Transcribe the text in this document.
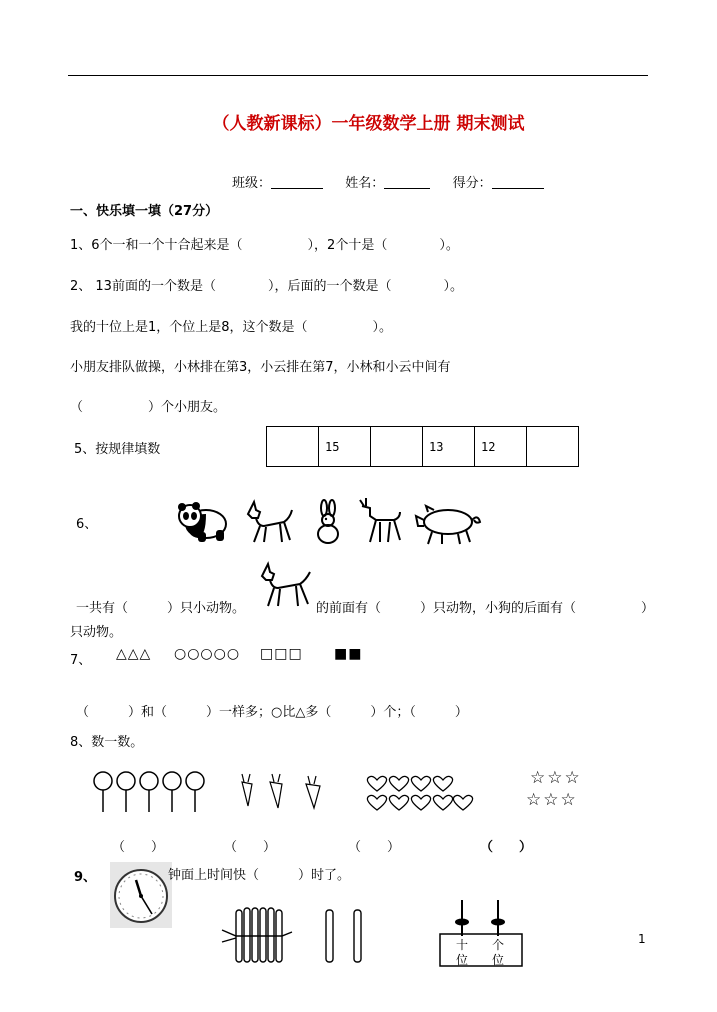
（人教新课标）一年级数学上册 期末测试
班级：	姓名：	得分：
一、快乐填一填（27分）
1、6个一和一个十合起来是（　　　　　），2个十是（　　　　）。
2、 13前面的一个数是（　　　　），后面的一个数是（　　　　）。
我的十位上是1，个位上是8，这个数是（　　　　　）。
小朋友排队做操，小林排在第3，小云排在第7，小林和小云中间有
（　　　　　）个小朋友。
5、按规律填数
		15		13	12	
6、
一共有（　　　）只小动物。	的前面有（　　　）只动物，小狗的后面有（　　　　　）
只动物。
7、 △△△ ○○○○○ □□□ ■■
（　　　）和（　　　）一样多；○比△多（　　　）个；（　　　）
8、数一数。
☆☆☆
☆☆☆
（　　）	（　　）	（　　）	（　　）
9、	钟面上时间快（　　　）时了。
十 个
位 位
1
